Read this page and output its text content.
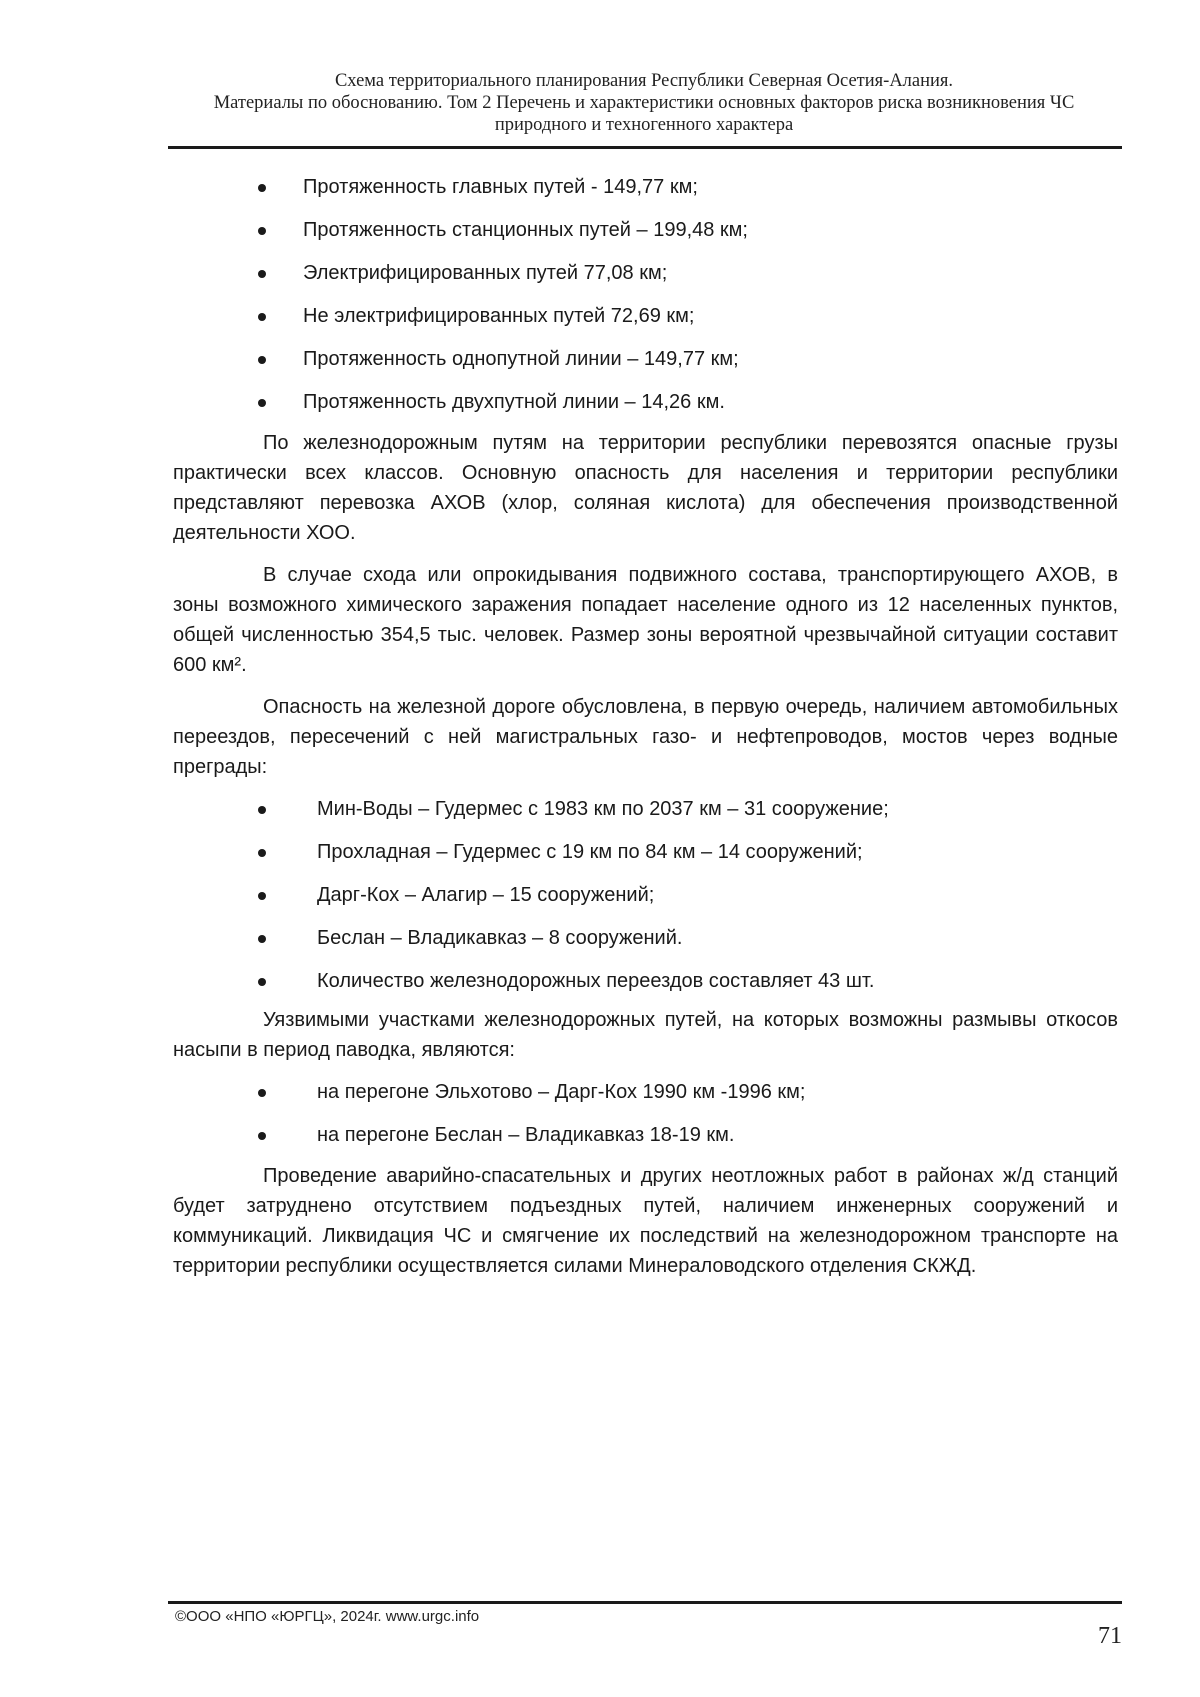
Схема территориального планирования Республики Северная Осетия-Алания.
Материалы по обоснованию. Том 2 Перечень и характеристики основных факторов риска возникновения ЧС
природного и техногенного характера
Протяженность главных путей - 149,77 км;
Протяженность станционных путей – 199,48 км;
Электрифицированных путей 77,08 км;
Не электрифицированных путей 72,69 км;
Протяженность однопутной линии – 149,77 км;
Протяженность двухпутной линии – 14,26 км.

По железнодорожным путям на территории республики перевозятся опасные грузы практически всех классов. Основную опасность для населения и территории республики представляют перевозка АХОВ (хлор, соляная кислота) для обеспечения производственной деятельности ХОО.

В случае схода или опрокидывания подвижного состава, транспортирующего АХОВ, в зоны возможного химического заражения попадает население одного из 12 населенных пунктов, общей численностью 354,5 тыс. человек. Размер зоны вероятной чрезвычайной ситуации составит 600 км².

Опасность на железной дороге обусловлена, в первую очередь, наличием автомобильных переездов, пересечений с ней магистральных газо- и нефтепроводов, мостов через водные преграды:

Мин-Воды – Гудермес с 1983 км по 2037 км – 31 сооружение;
Прохладная – Гудермес с 19 км по 84 км – 14 сооружений;
Дарг-Кох – Алагир – 15 сооружений;
Беслан – Владикавказ – 8 сооружений.
Количество железнодорожных переездов составляет 43 шт.

Уязвимыми участками железнодорожных путей, на которых возможны размывы откосов насыпи в период паводка, являются:

на перегоне Эльхотово – Дарг-Кох 1990 км -1996 км;
на перегоне Беслан – Владикавказ 18-19 км.

Проведение аварийно-спасательных и других неотложных работ в районах ж/д станций будет затруднено отсутствием подъездных путей, наличием инженерных сооружений и коммуникаций. Ликвидация ЧС и смягчение их последствий на железнодорожном транспорте на территории республики осуществляется силами Минераловодского отделения СКЖД.

©ООО «НПО «ЮРГЦ», 2024г. www.urgc.info
71
